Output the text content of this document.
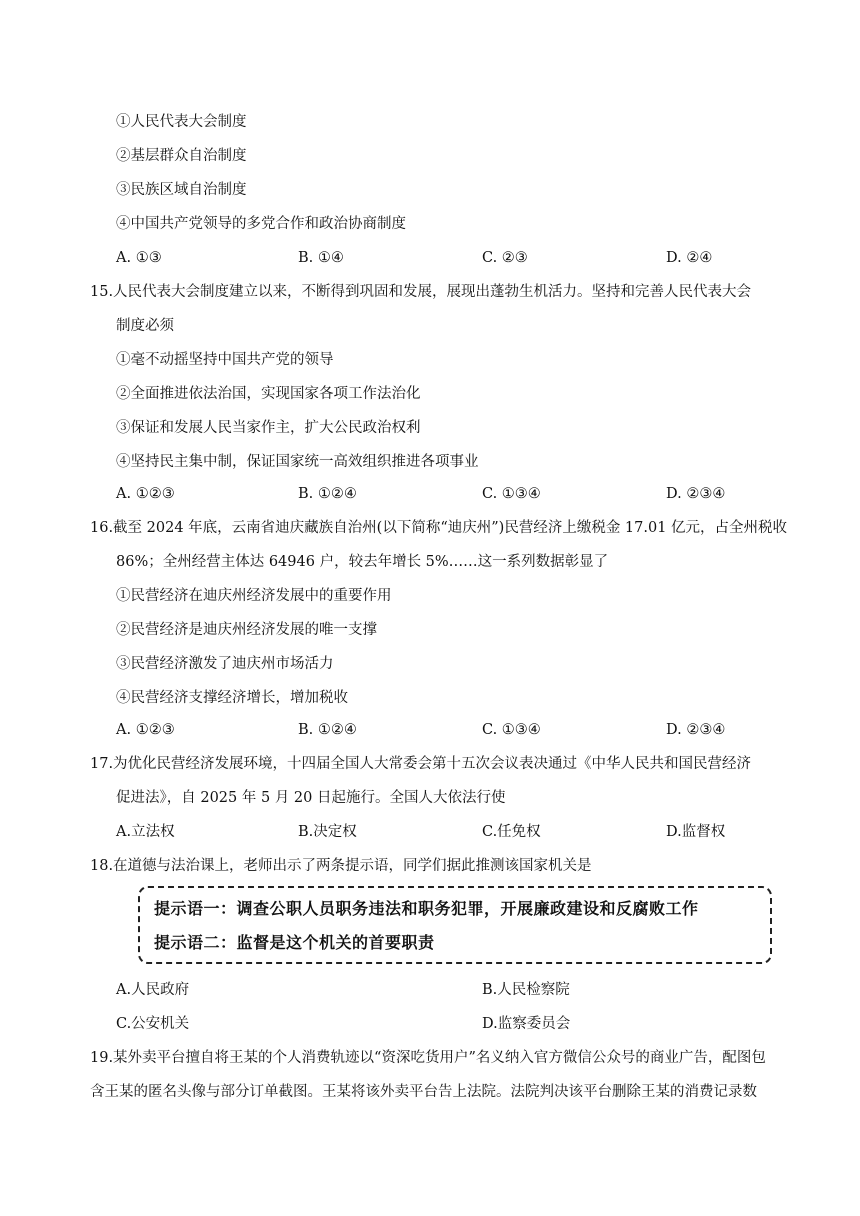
①人民代表大会制度
②基层群众自治制度
③民族区域自治制度
④中国共产党领导的多党合作和政治协商制度
A. ①③	B. ①④	C. ②③	D. ②④
15.人民代表大会制度建立以来，不断得到巩固和发展，展现出蓬勃生机活力。坚持和完善人民代表大会
制度必须
①毫不动摇坚持中国共产党的领导
②全面推进依法治国，实现国家各项工作法治化
③保证和发展人民当家作主，扩大公民政治权利
④坚持民主集中制，保证国家统一高效组织推进各项事业
A. ①②③	B. ①②④	C. ①③④	D. ②③④
16.截至 2024 年底，云南省迪庆藏族自治州(以下简称“迪庆州”)民营经济上缴税金 17.01 亿元，占全州税收
86%；全州经营主体达 64946 户，较去年增长 5%……这一系列数据彰显了
①民营经济在迪庆州经济发展中的重要作用
②民营经济是迪庆州经济发展的唯一支撑
③民营经济激发了迪庆州市场活力
④民营经济支撑经济增长，增加税收
A. ①②③	B. ①②④	C. ①③④	D. ②③④
17.为优化民营经济发展环境，十四届全国人大常委会第十五次会议表决通过《中华人民共和国民营经济
促进法》，自 2025 年 5 月 20 日起施行。全国人大依法行使
A.立法权	B.决定权	C.任免权	D.监督权
18.在道德与法治课上，老师出示了两条提示语，同学们据此推测该国家机关是
提示语一：调查公职人员职务违法和职务犯罪，开展廉政建设和反腐败工作
提示语二：监督是这个机关的首要职责
A.人民政府	B.人民检察院
C.公安机关	D.监察委员会
19.某外卖平台擅自将王某的个人消费轨迹以“资深吃货用户”名义纳入官方微信公众号的商业广告，配图包
含王某的匿名头像与部分订单截图。王某将该外卖平台告上法院。法院判决该平台删除王某的消费记录数
